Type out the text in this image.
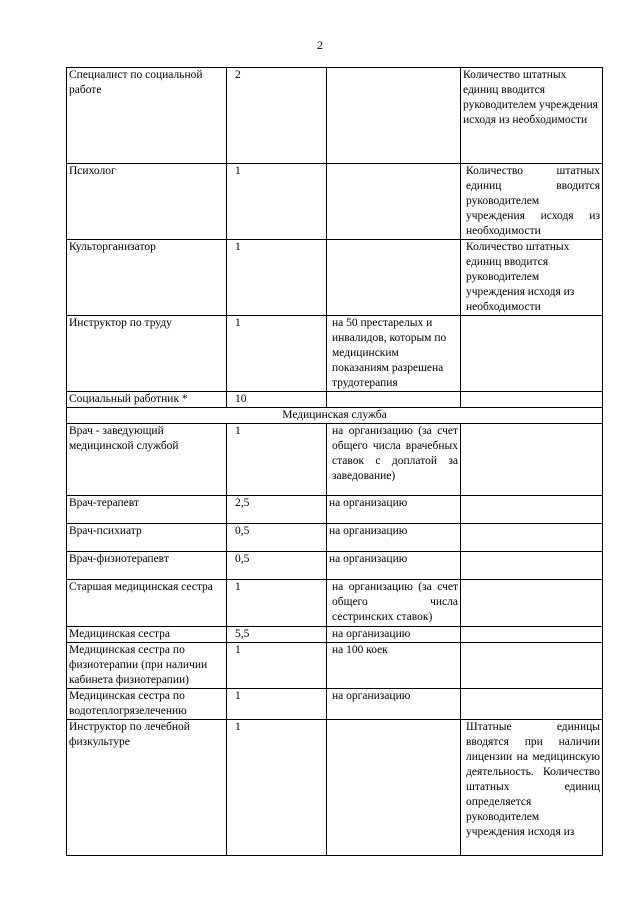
2
Специалист по социальной работе	2		Количество штатных единиц вводится руководителем учреждения исходя из необходимости
Психолог	1		Количество штатных единиц вводится руководителем учреждения исходя из необходимости
Культорганизатор	1		Количество штатных единиц вводится руководителем учреждения исходя из необходимости
Инструктор по труду	1	на 50 престарелых и инвалидов, которым по медицинским показаниям разрешена трудотерапия	
Социальный работник *	10		
Медицинская служба			
Врач - заведующий медицинской службой	1	на организацию (за счет общего числа врачебных ставок с доплатой за заведование)	
Врач-терапевт	2,5	на организацию	
Врач-психиатр	0,5	на организацию	
Врач-физиотерапевт	0,5	на организацию	
Старшая медицинская сестра	1	на организацию (за счет общего числа сестринских ставок)	
Медицинская сестра	5,5	на организацию	
Медицинская сестра по физиотерапии (при наличии кабинета физиотерапии)	1	на 100 коек	
Медицинская сестра по водотеплогрязелечению	1	на организацию	
Инструктор по лечебной физкультуре	1		Штатные единицы вводятся при наличии лицензии на медицинскую деятельность. Количество штатных единиц определяется руководителем учреждения исходя из
